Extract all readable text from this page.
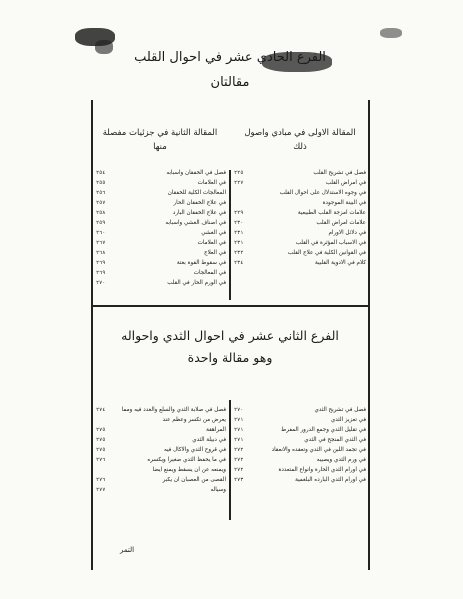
الفرع الحادي عشر في احوال القلب
مقالتان
المقالة الاولى في مبادي واصول
ذلك
المقالة الثانية في جزئيات مفصلة
منها
فصل في تشريح القلب
٢٢٥
في امراض القلب
٢٢٧
في وجوه الاستدلال على احوال القلب
في البينة الموجودة
علامات امزجة القلب الطبيعية
٢٢٩
علامات امراض القلب
٢٣٠
في دلائل الاورام
٢٣١
في الاسباب المؤثرة في القلب
٢٣١
في القوانين الكلية في علاج القلب
٢٣٢
كلام في الادوية القلبية
٢٣٤
فصل في الخفقان واسبابه
٢٥٤
في العلامات
٢٥٥
المعالجات الكلية للخفقان
٢٥٦
في علاج الخفقان الحار
٢٥٧
في علاج الخفقان البارد
٢٥٨
في اصناف الغشي واسبابه
٢٥٩
في الغشي
٢٦٠
في العلامات
٢٦٧
في العلاج
٢٦٨
في سقوط القوة بغتة
٢٦٩
في المعالجات
٢٦٩
في الورم الحار في القلب
٢٧٠
الفرع الثاني عشر في احوال الثدي واحواله
وهو مقالة واحدة
فصل في تشريح الثدي
٢٧٠
في تعزيز الثدي
٢٧١
في تقليل الثدي وجمع الدرور المفرط
٢٧١
في الثدي المنجح في الثدي
٢٧١
في تجمد اللبن في الثدي وتعقده والانعقاد
٢٧٢
في ورم الثدي ويصيبه
٢٧٢
في اورام الثدي الحارة وانواع المتعددة
٢٧٢
في اورام الثدي البارده البلغمية
٢٧٣
فصل في صلابة الثدي والسلع والغدد فيه ومما
٢٧٤
يعرض من تكسر وعظم عند
المراهقة
٢٧٥
في دبيلة الثدي
٢٧٥
في قروح الثدي والاكال فيه
٢٧٥
في ما يحفظ الثدي صغيرا ويكسره
٢٧٦
ويمنعه عن ان يسقط ويمنع ايضا
القصى من العصبان ان يكبر
٢٧٦
وسياله
٢٧٧
التمر
